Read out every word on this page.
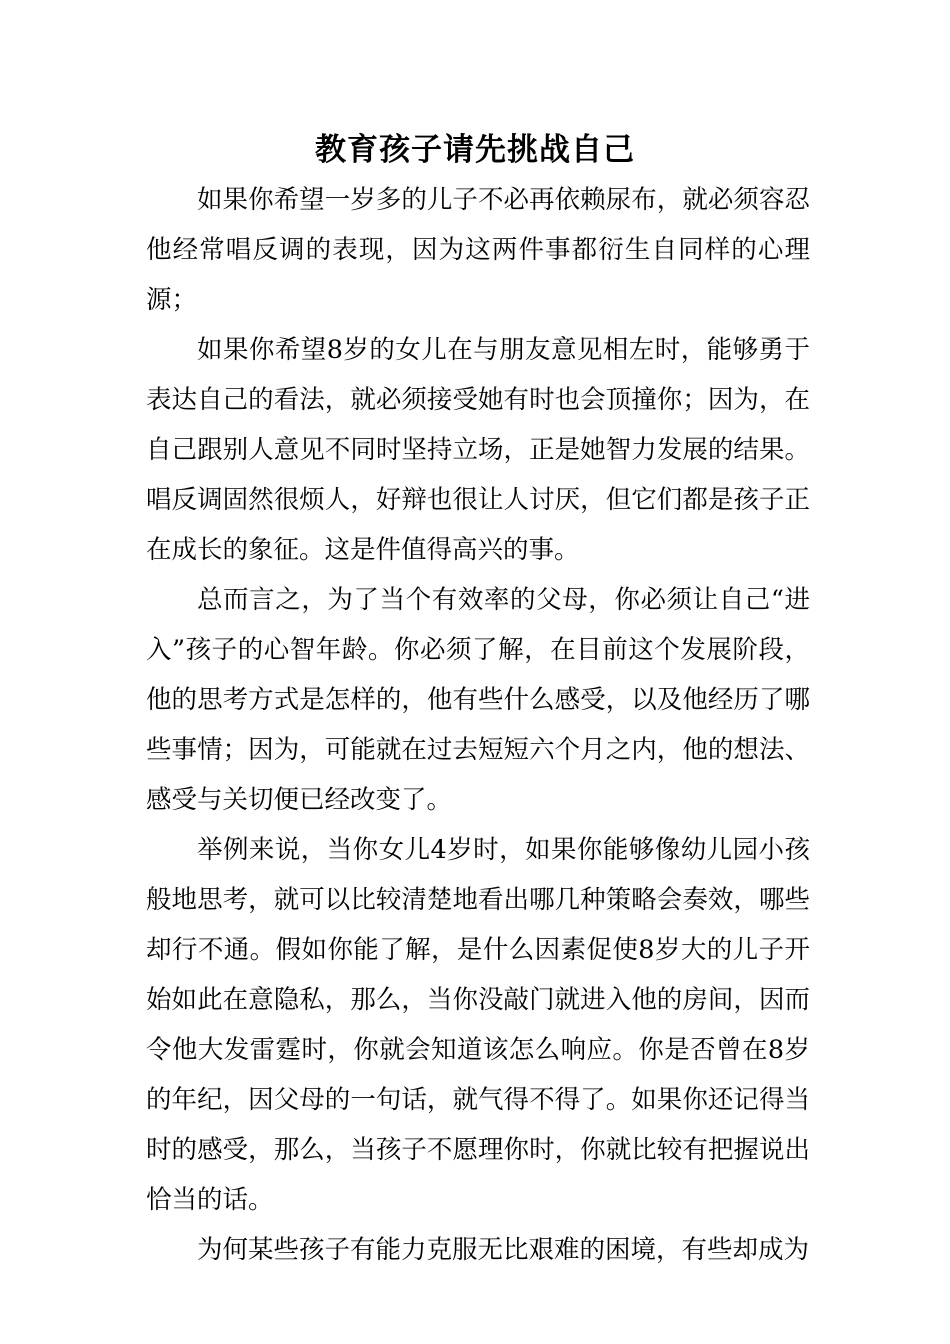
教育孩子请先挑战自己

如果你希望一岁多的儿子不必再依赖尿布，就必须容忍他经常唱反调的表现，因为这两件事都衍生自同样的心理源；

如果你希望8岁的女儿在与朋友意见相左时，能够勇于表达自己的看法，就必须接受她有时也会顶撞你；因为，在自己跟别人意见不同时坚持立场，正是她智力发展的结果。唱反调固然很烦人，好辩也很让人讨厌，但它们都是孩子正在成长的象征。这是件值得高兴的事。

总而言之，为了当个有效率的父母，你必须让自己“进入”孩子的心智年龄。你必须了解，在目前这个发展阶段，他的思考方式是怎样的，他有些什么感受，以及他经历了哪些事情；因为，可能就在过去短短六个月之内，他的想法、感受与关切便已经改变了。

举例来说，当你女儿4岁时，如果你能够像幼儿园小孩般地思考，就可以比较清楚地看出哪几种策略会奏效，哪些却行不通。假如你能了解，是什么因素促使8岁大的儿子开始如此在意隐私，那么，当你没敲门就进入他的房间，因而令他大发雷霆时，你就会知道该怎么响应。你是否曾在8岁的年纪，因父母的一句话，就气得不得了。如果你还记得当时的感受，那么，当孩子不愿理你时，你就比较有把握说出恰当的话。

为何某些孩子有能力克服无比艰难的困境，有些却成为
